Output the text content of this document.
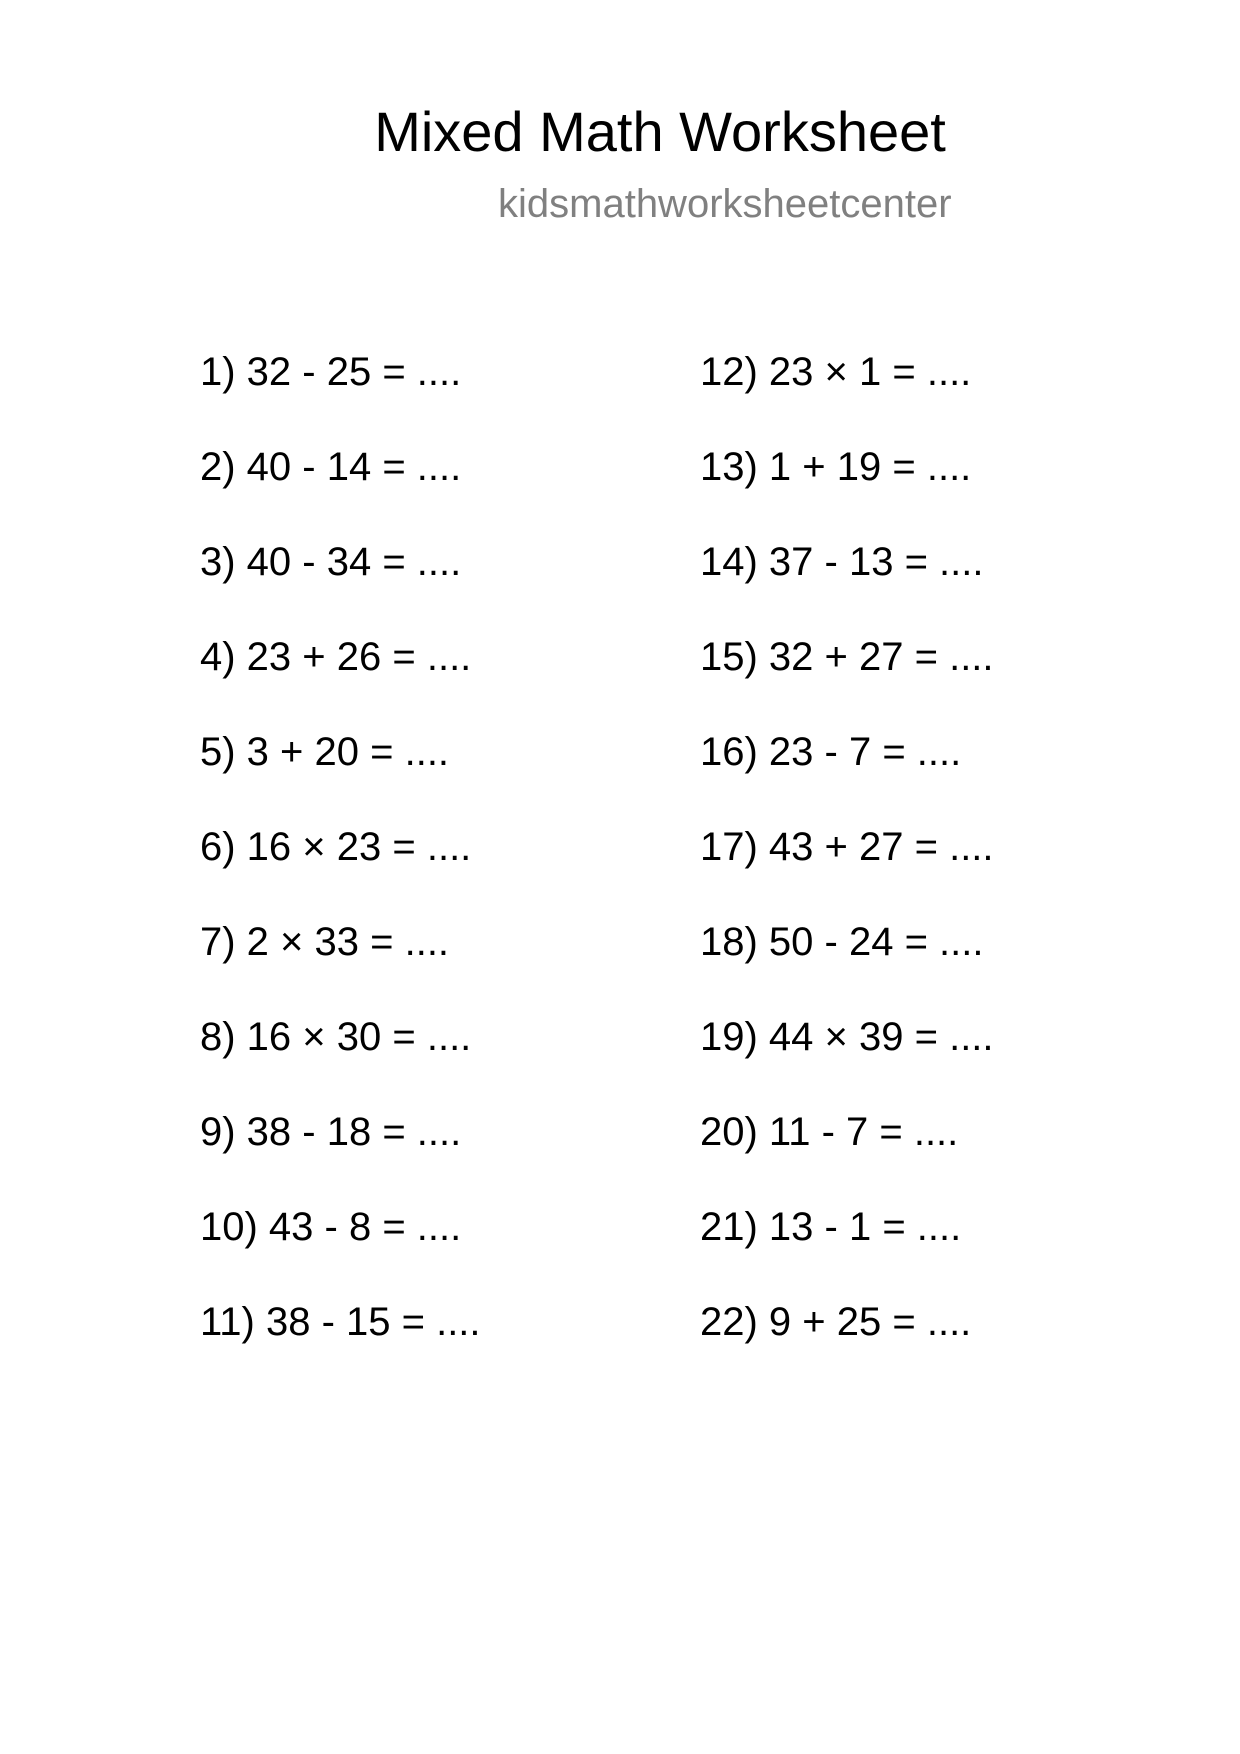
Mixed Math Worksheet
kidsmathworksheetcenter
1) 32 - 25 = ....
2) 40 - 14 = ....
3) 40 - 34 = ....
4) 23 + 26 = ....
5) 3 + 20 = ....
6) 16 × 23 = ....
7) 2 × 33 = ....
8) 16 × 30 = ....
9) 38 - 18 = ....
10) 43 - 8 = ....
11) 38 - 15 = ....
12) 23 × 1 = ....
13) 1 + 19 = ....
14) 37 - 13 = ....
15) 32 + 27 = ....
16) 23 - 7 = ....
17) 43 + 27 = ....
18) 50 - 24 = ....
19) 44 × 39 = ....
20) 11 - 7 = ....
21) 13 - 1 = ....
22) 9 + 25 = ....
